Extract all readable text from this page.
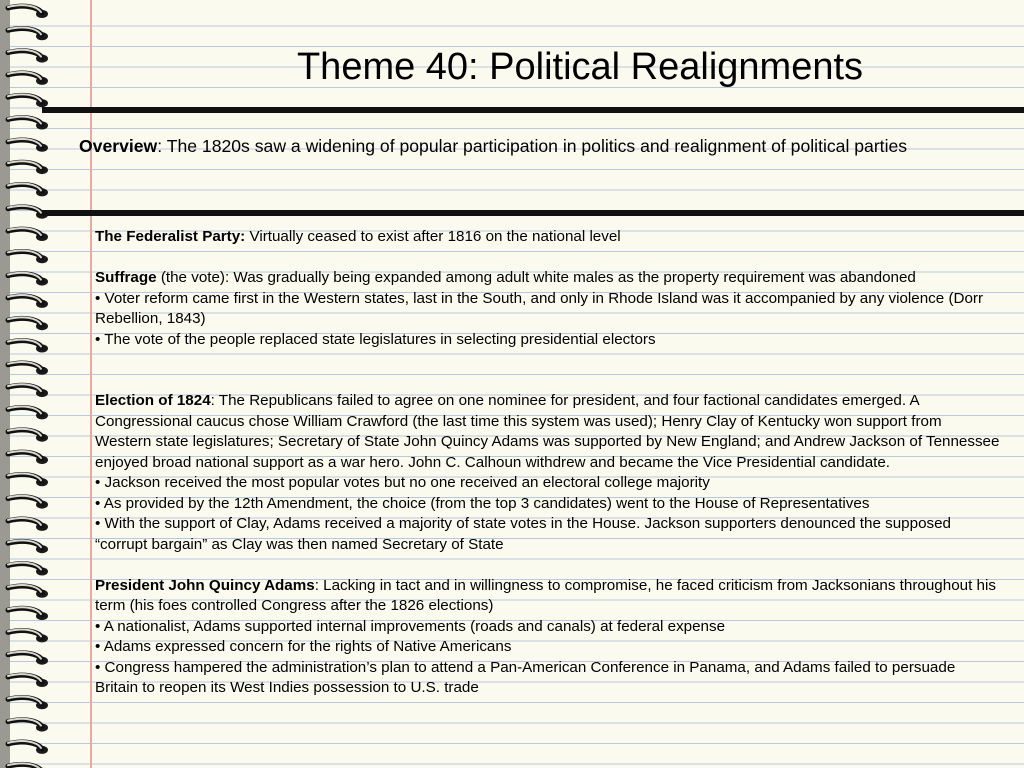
Theme 40: Political Realignments
Overview: The 1820s saw a widening of popular participation in politics and realignment of political parties

The Federalist Party: Virtually ceased to exist after 1816 on the national level

Suffrage (the vote): Was gradually being expanded among adult white males as the property requirement was abandoned

• Voter reform came first in the Western states, last in the South, and only in Rhode Island was it accompanied by any violence (Dorr Rebellion, 1843)

• The vote of the people replaced state legislatures in selecting presidential electors

Election of 1824: The Republicans failed to agree on one nominee for president, and four factional candidates emerged. A Congressional caucus chose William Crawford (the last time this system was used); Henry Clay of Kentucky won support from Western state legislatures; Secretary of State John Quincy Adams was supported by New England; and Andrew Jackson of Tennessee enjoyed broad national support as a war hero. John C. Calhoun withdrew and became the Vice Presidential candidate.

• Jackson received the most popular votes but no one received an electoral college majority

• As provided by the 12th Amendment, the choice (from the top 3 candidates) went to the House of Representatives

• With the support of Clay, Adams received a majority of state votes in the House. Jackson supporters denounced the supposed “corrupt bargain” as Clay was then named Secretary of State

President John Quincy Adams: Lacking in tact and in willingness to compromise, he faced criticism from Jacksonians throughout his term (his foes controlled Congress after the 1826 elections)

• A nationalist, Adams supported internal improvements (roads and canals) at federal expense

• Adams expressed concern for the rights of Native Americans

• Congress hampered the administration’s plan to attend a Pan-American Conference in Panama, and Adams failed to persuade Britain to reopen its West Indies possession to U.S. trade
